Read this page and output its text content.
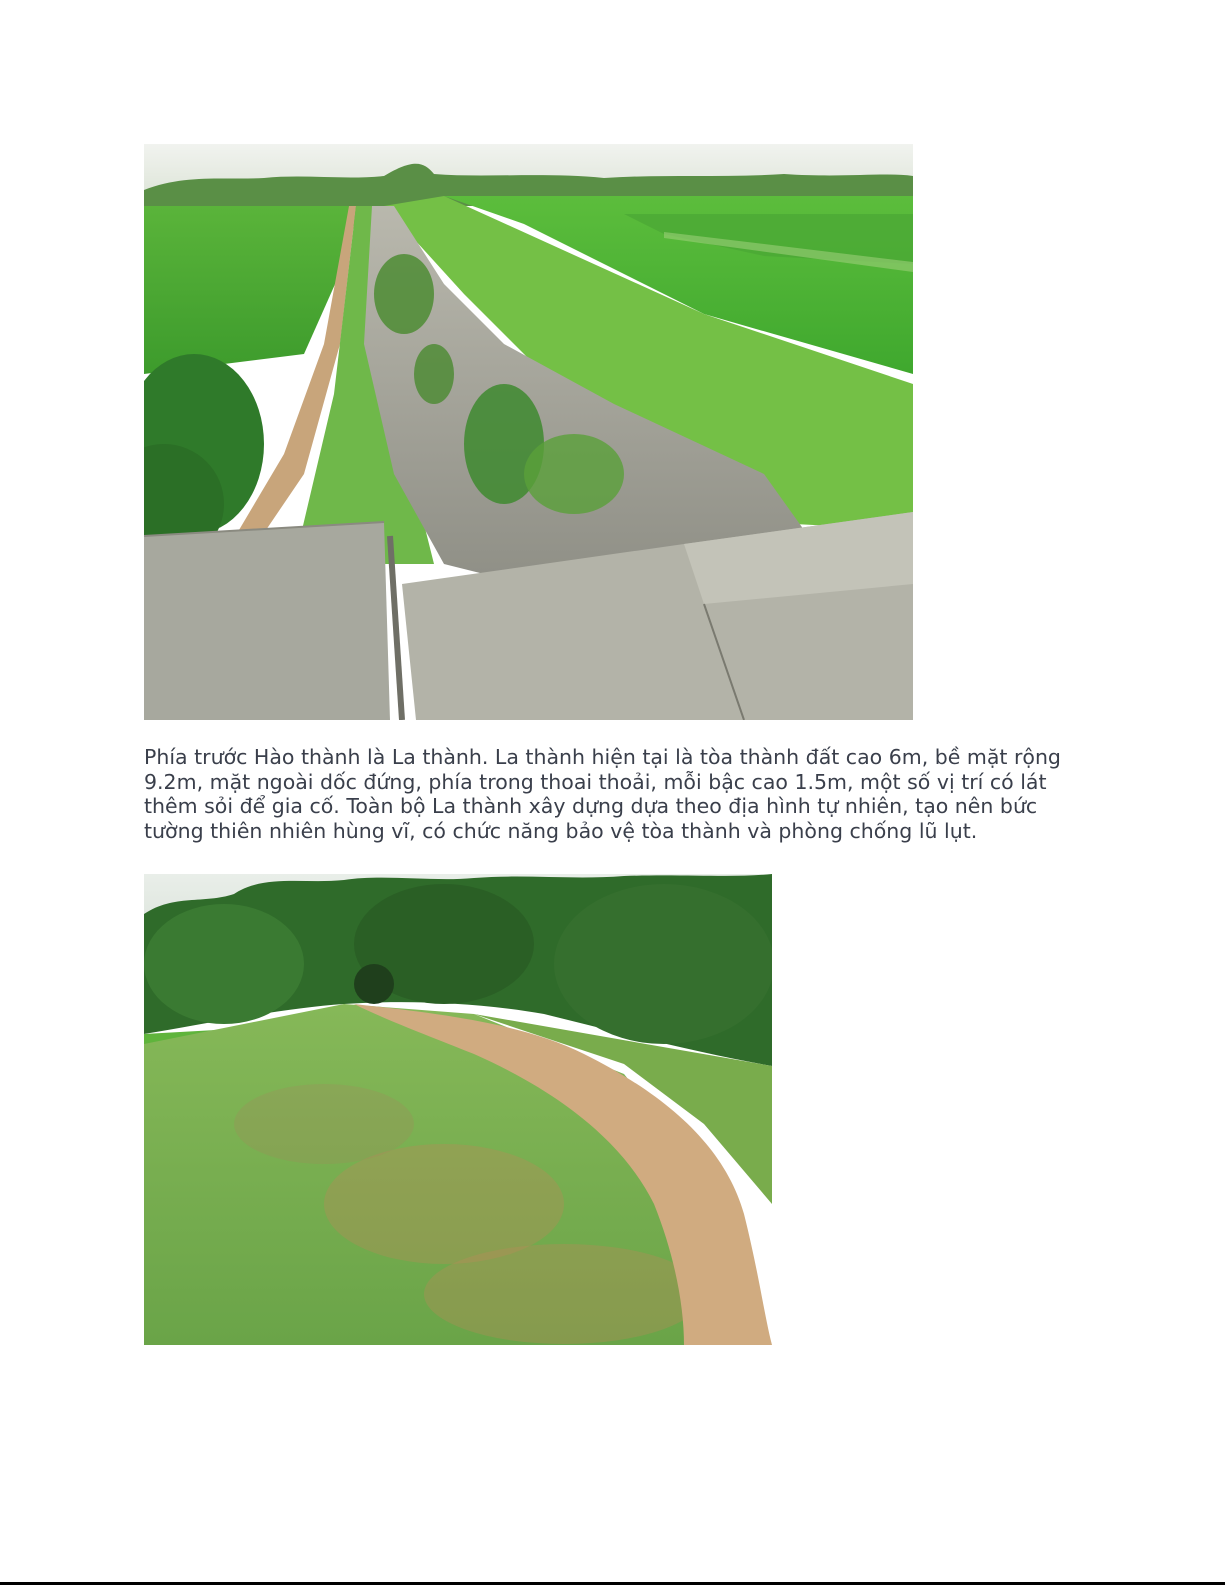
Phía trước Hào thành là La thành. La thành hiện tại là tòa thành đất cao 6m, bề mặt rộng 9.2m, mặt ngoài dốc đứng, phía trong thoai thoải, mỗi bậc cao 1.5m, một số vị trí có lát thêm sỏi để gia cố. Toàn bộ La thành xây dựng dựa theo địa hình tự nhiên, tạo nên bức tường thiên nhiên hùng vĩ, có chức năng bảo vệ tòa thành và phòng chống lũ lụt.
